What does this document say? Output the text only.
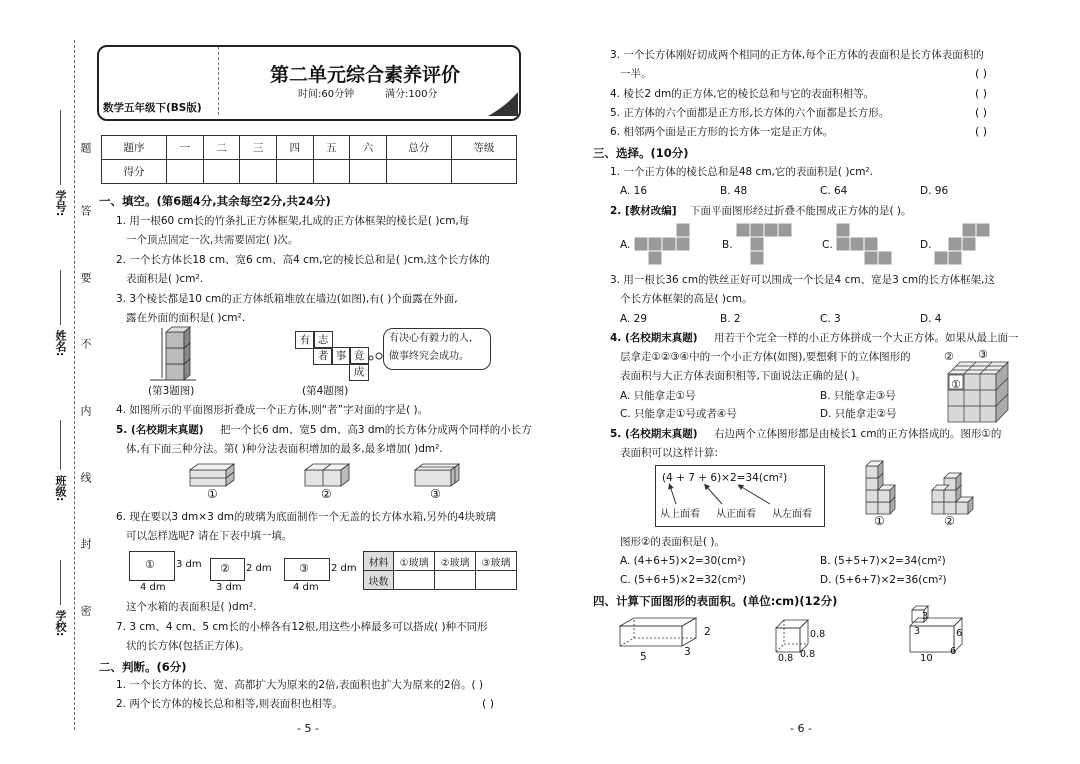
学校:
班级:
姓名:
学号:
题
答
要
不
内
线
封
密
第二单元综合素养评价
时间:60分钟	满分:100分
数学五年级下(BS版)
题序	一	二	三	四	五	六	总分	等级
得分								
一、填空。(第6题4分,其余每空2分,共24分)
1. 用一根60 cm长的竹条扎正方体框架,扎成的正方体框架的棱长是( )cm,每
一个顶点固定一次,共需要固定( )次。
2. 一个长方体长18 cm、宽6 cm、高4 cm,它的棱长总和是( )cm,这个长方体的
表面积是( )cm².
3. 3个棱长都是10 cm的正方体纸箱堆放在墙边(如图),有( )个面露在外面,
露在外面的面积是( )cm².
(第3题图)
有 志
者 事 竟
成
有决心有毅力的人,
做事终究会成功。
(第4题图)
4. 如图所示的平面图形折叠成一个正方体,则“者”字对面的字是( )。
5. (名校期末真题) 把一个长6 dm、宽5 dm、高3 dm的长方体分成两个同样的小长方
体,有下面三种分法。第( )种分法表面积增加的最多,最多增加( )dm².
①	②	③
6. 现在要以3 dm×3 dm的玻璃为底面制作一个无盖的长方体水箱,另外的4块玻璃
可以怎样选呢? 请在下表中填一填。
① 3 dm
4 dm
② 2 dm
3 dm
③ 2 dm
4 dm
材料	①玻璃	②玻璃	③玻璃
块数			
这个水箱的表面积是( )dm².
7. 3 cm、4 cm、5 cm长的小棒各有12根,用这些小棒最多可以搭成( )种不同形
状的长方体(包括正方体)。
二、判断。(6分)
1. 一个长方体的长、宽、高都扩大为原来的2倍,表面积也扩大为原来的2倍。( )
2. 两个长方体的棱长总和相等,则表面积也相等。	( )
- 5 -
3. 一个长方体刚好切成两个相同的正方体,每个正方体的表面积是长方体表面积的
一半。	( )
4. 棱长2 dm的正方体,它的棱长总和与它的表面积相等。	( )
5. 正方体的六个面都是正方形,长方体的六个面都是长方形。	( )
6. 相邻两个面是正方形的长方体一定是正方体。	( )
三、选择。(10分)
1. 一个正方体的棱长总和是48 cm,它的表面积是( )cm².
A. 16	B. 48	C. 64	D. 96
2. [教材改编] 下面平面图形经过折叠不能围成正方体的是( )。
A.	B.	C.	D.
3. 用一根长36 cm的铁丝正好可以围成一个长是4 cm、宽是3 cm的长方体框架,这
个长方体框架的高是( )cm。
A. 29	B. 2	C. 3	D. 4
4. (名校期末真题) 用若干个完全一样的小正方体拼成一个大正方体。如果从最上面一
层拿走①②③④中的一个小正方体(如图),要想剩下的立体图形的
表面积与大正方体表面积相等,下面说法正确的是( )。
A. 只能拿走①号	B. 只能拿走③号
C. 只能拿走①号或者④号	D. 只能拿走②号
② ③
①
5. (名校期末真题) 右边两个立体图形都是由棱长1 cm的正方体搭成的。图形①的
表面积可以这样计算:
(4 + 7 + 6)×2=34(cm²)
从上面看 从正面看 从左面看	①	②
图形②的表面积是( )。
A. (4+6+5)×2=30(cm²)	B. (5+5+7)×2=34(cm²)
C. (5+6+5)×2=32(cm²)	D. (5+6+7)×2=36(cm²)
四、计算下面图形的表面积。(单位:cm)(12分)
2
5	3
0.8
0.8 0.8
3
3	6
10
6
- 6 -
